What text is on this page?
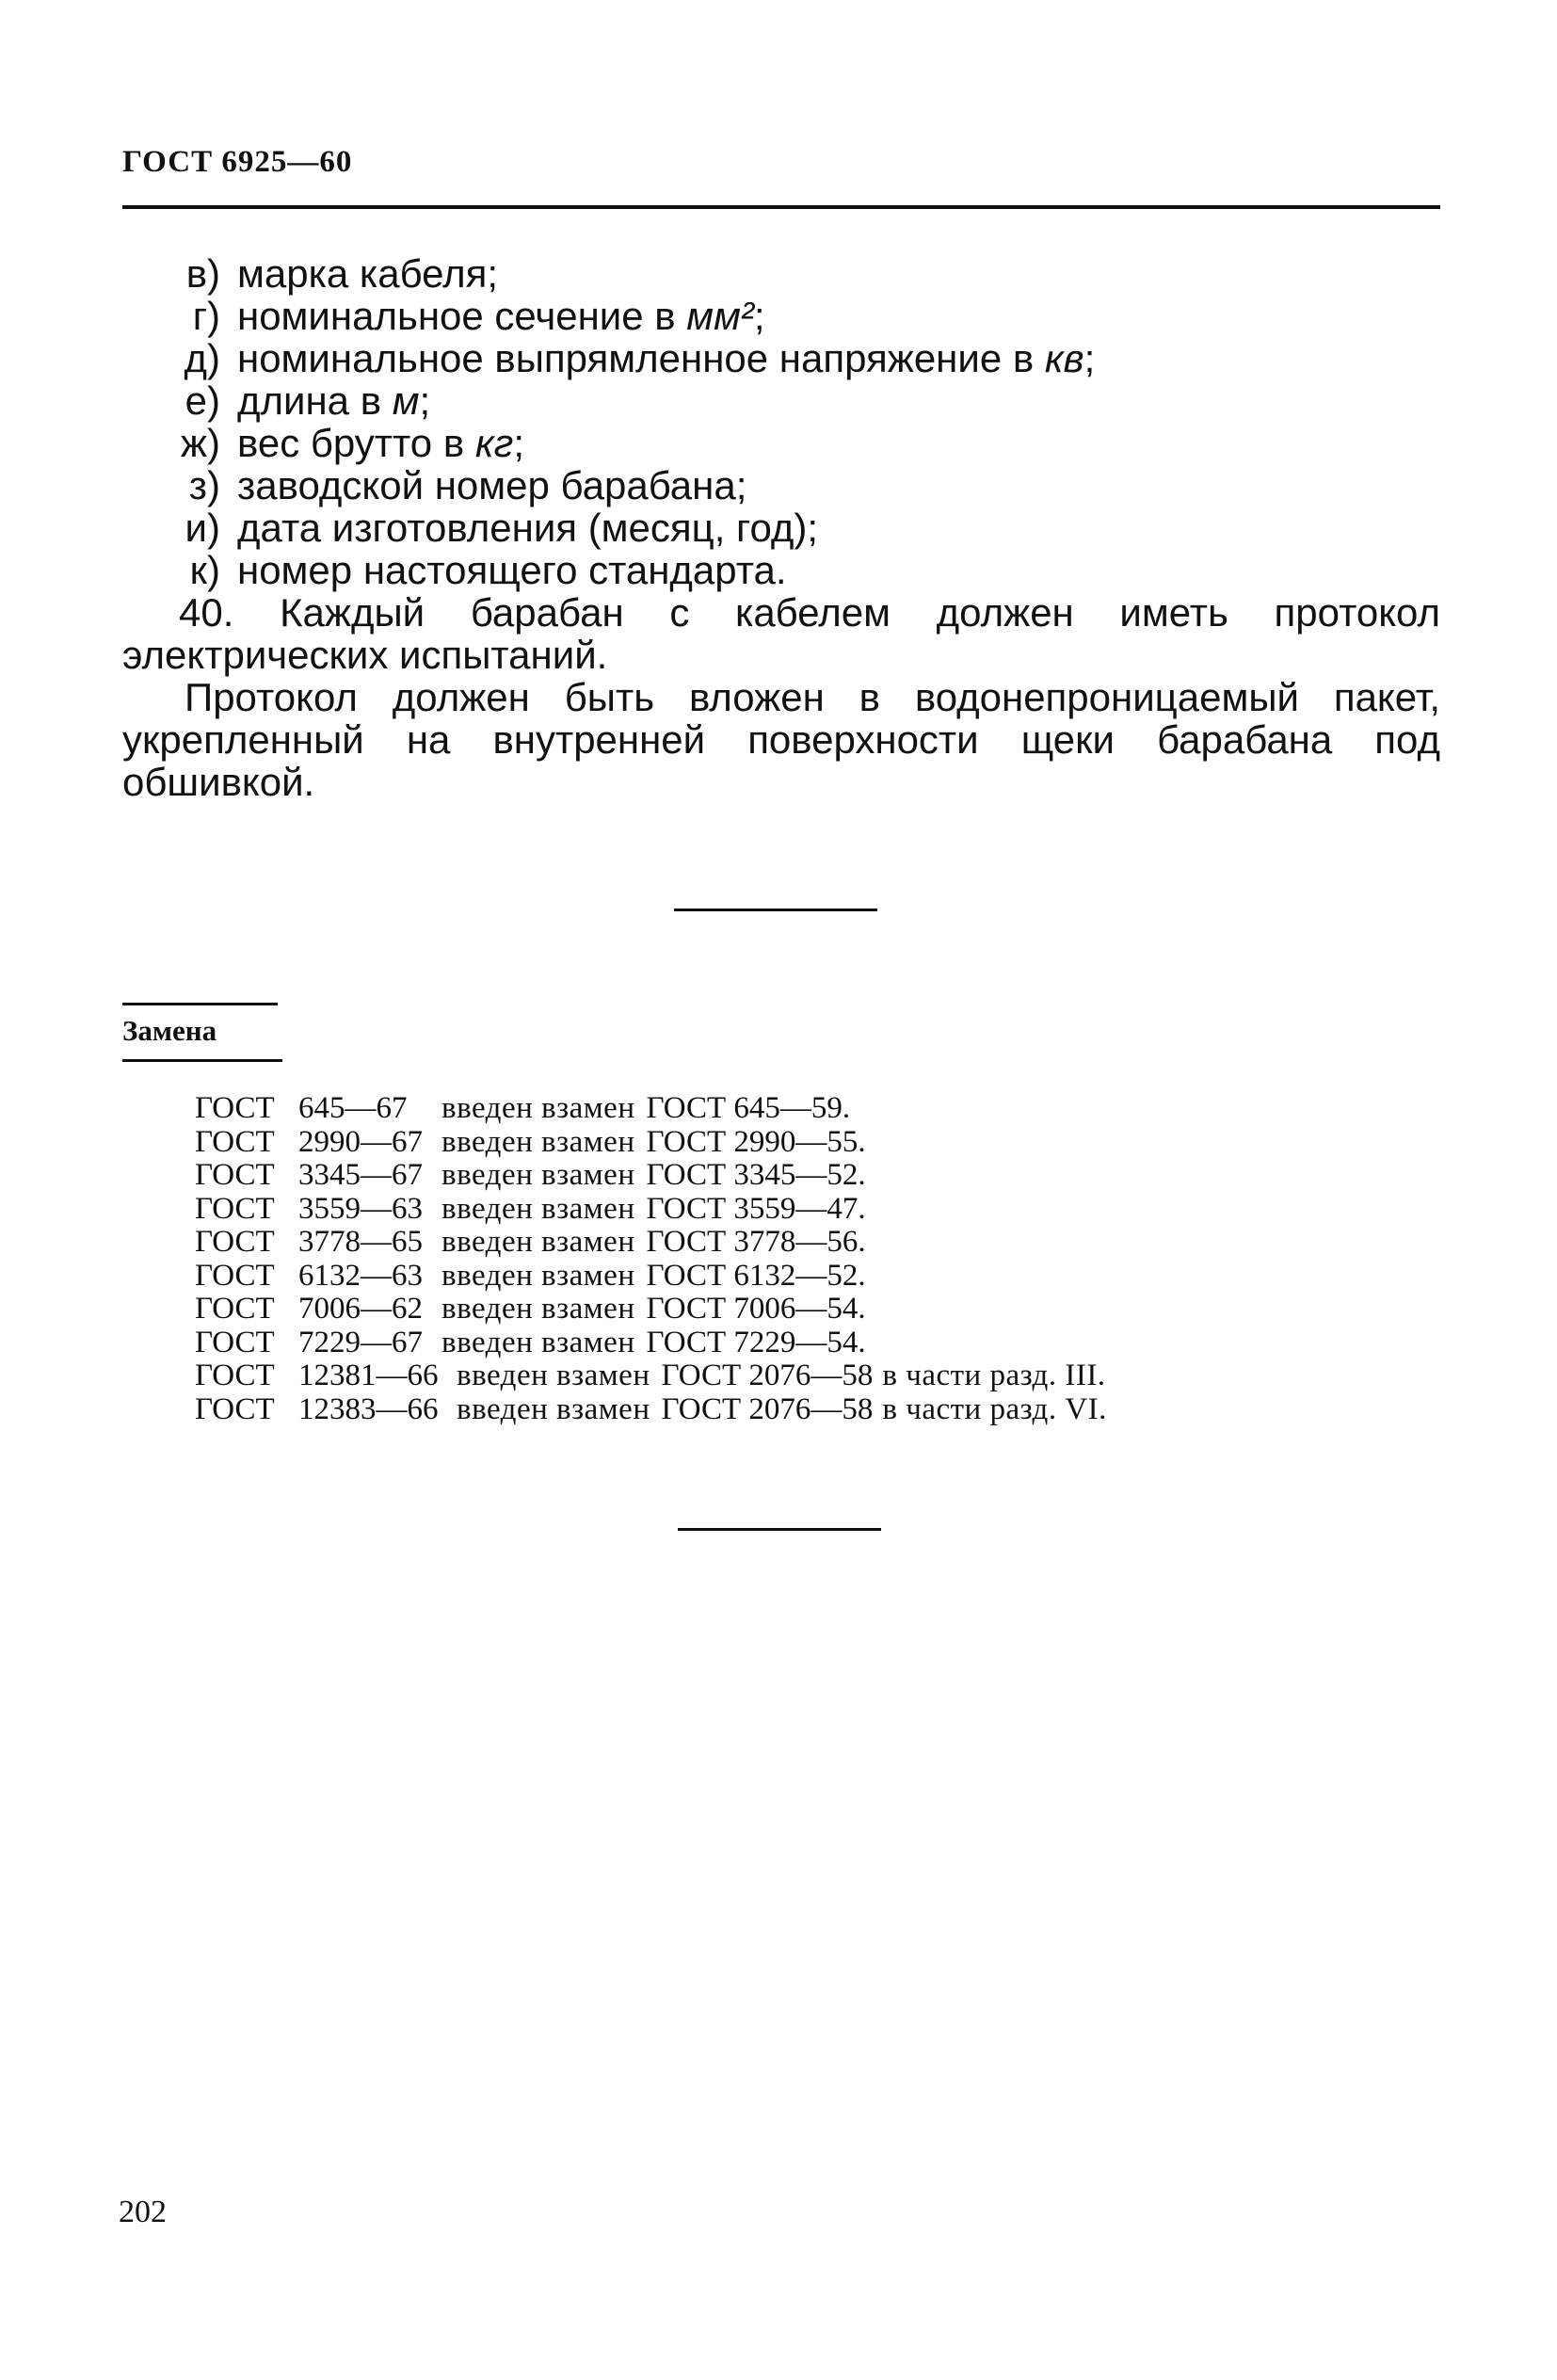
ГОСТ 6925—60
в) марка кабеля;
г) номинальное сечение в мм²;
д) номинальное выпрямленное напряжение в кв;
е) длина в м;
ж) вес брутто в кг;
з) заводской номер барабана;
и) дата изготовления (месяц, год);
к) номер настоящего стандарта.
40. Каждый барабан с кабелем должен иметь протокол электрических испытаний.
Протокол должен быть вложен в водонепроницаемый пакет, укрепленный на внутренней поверхности щеки барабана под обшивкой.
Замена
ГОСТ 645—67	введен взамен ГОСТ 645—59.
ГОСТ 2990—67 введен взамен ГОСТ 2990—55.
ГОСТ 3345—67 введен взамен ГОСТ 3345—52.
ГОСТ 3559—63 введен взамен ГОСТ 3559—47.
ГОСТ 3778—65 введен взамен ГОСТ 3778—56.
ГОСТ 6132—63 введен взамен ГОСТ 6132—52.
ГОСТ 7006—62 введен взамен ГОСТ 7006—54.
ГОСТ 7229—67 введен взамен ГОСТ 7229—54.
ГОСТ 12381—66 введен взамен ГОСТ 2076—58 в части разд. III.
ГОСТ 12383—66 введен взамен ГОСТ 2076—58 в части разд. VI.
202
